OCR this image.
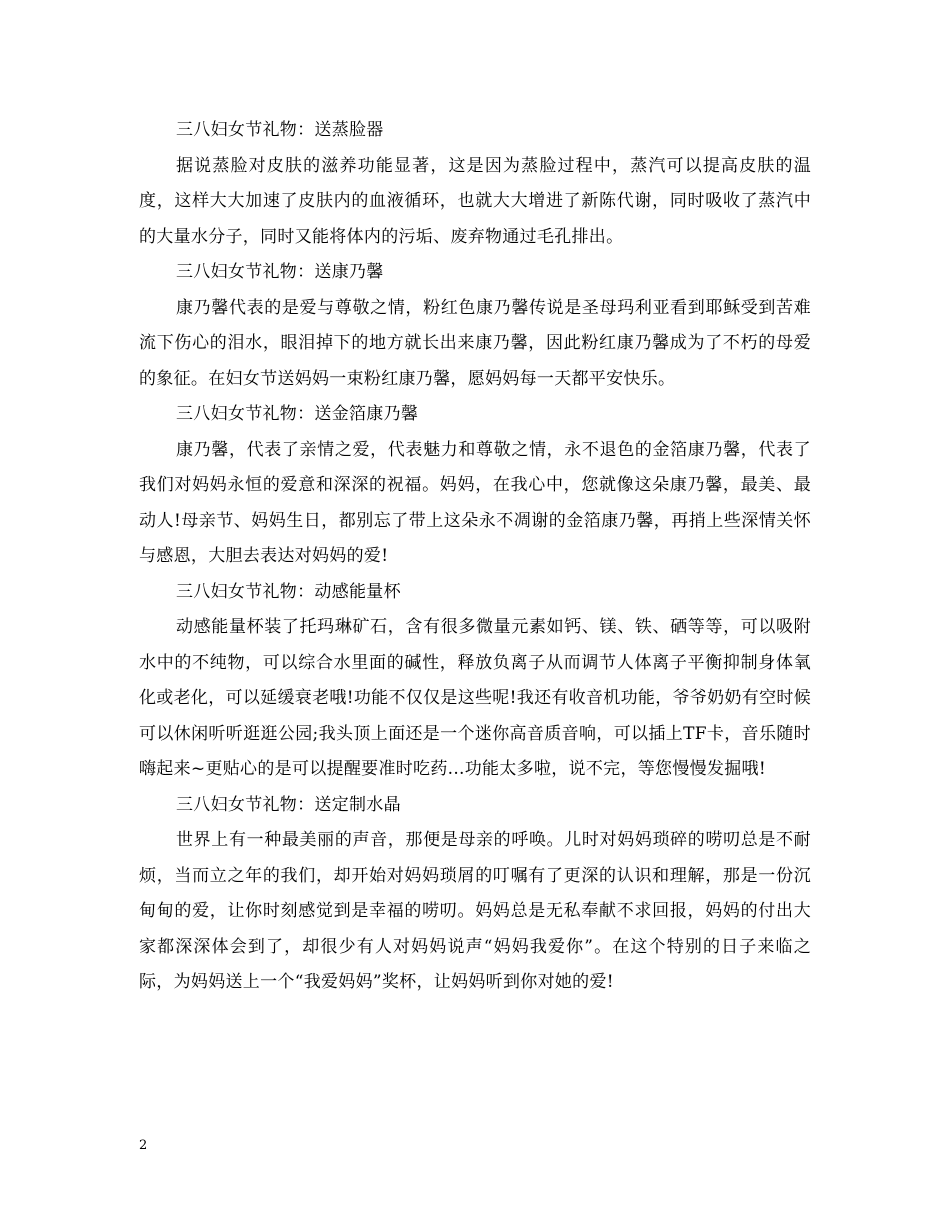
三八妇女节礼物：送蒸脸器

据说蒸脸对皮肤的滋养功能显著，这是因为蒸脸过程中，蒸汽可以提高皮肤的温度，这样大大加速了皮肤内的血液循环，也就大大增进了新陈代谢，同时吸收了蒸汽中的大量水分子，同时又能将体内的污垢、废弃物通过毛孔排出。

三八妇女节礼物：送康乃馨

康乃馨代表的是爱与尊敬之情，粉红色康乃馨传说是圣母玛利亚看到耶稣受到苦难流下伤心的泪水，眼泪掉下的地方就长出来康乃馨，因此粉红康乃馨成为了不朽的母爱的象征。在妇女节送妈妈一束粉红康乃馨，愿妈妈每一天都平安快乐。

三八妇女节礼物：送金箔康乃馨

康乃馨，代表了亲情之爱，代表魅力和尊敬之情，永不退色的金箔康乃馨，代表了我们对妈妈永恒的爱意和深深的祝福。妈妈，在我心中，您就像这朵康乃馨，最美、最动人!母亲节、妈妈生日，都别忘了带上这朵永不凋谢的金箔康乃馨，再捎上些深情关怀与感恩，大胆去表达对妈妈的爱!

三八妇女节礼物：动感能量杯

动感能量杯装了托玛琳矿石，含有很多微量元素如钙、镁、铁、硒等等，可以吸附水中的不纯物，可以综合水里面的碱性，释放负离子从而调节人体离子平衡抑制身体氧化或老化，可以延缓衰老哦!功能不仅仅是这些呢!我还有收音机功能，爷爷奶奶有空时候可以休闲听听逛逛公园;我头顶上面还是一个迷你高音质音响，可以插上TF卡，音乐随时嗨起来~更贴心的是可以提醒要准时吃药...功能太多啦，说不完，等您慢慢发掘哦!

三八妇女节礼物：送定制水晶

世界上有一种最美丽的声音，那便是母亲的呼唤。儿时对妈妈琐碎的唠叨总是不耐烦，当而立之年的我们，却开始对妈妈琐屑的叮嘱有了更深的认识和理解，那是一份沉甸甸的爱，让你时刻感觉到是幸福的唠叨。妈妈总是无私奉献不求回报，妈妈的付出大家都深深体会到了，却很少有人对妈妈说声“妈妈我爱你”。在这个特别的日子来临之际，为妈妈送上一个“我爱妈妈”奖杯，让妈妈听到你对她的爱!

2
